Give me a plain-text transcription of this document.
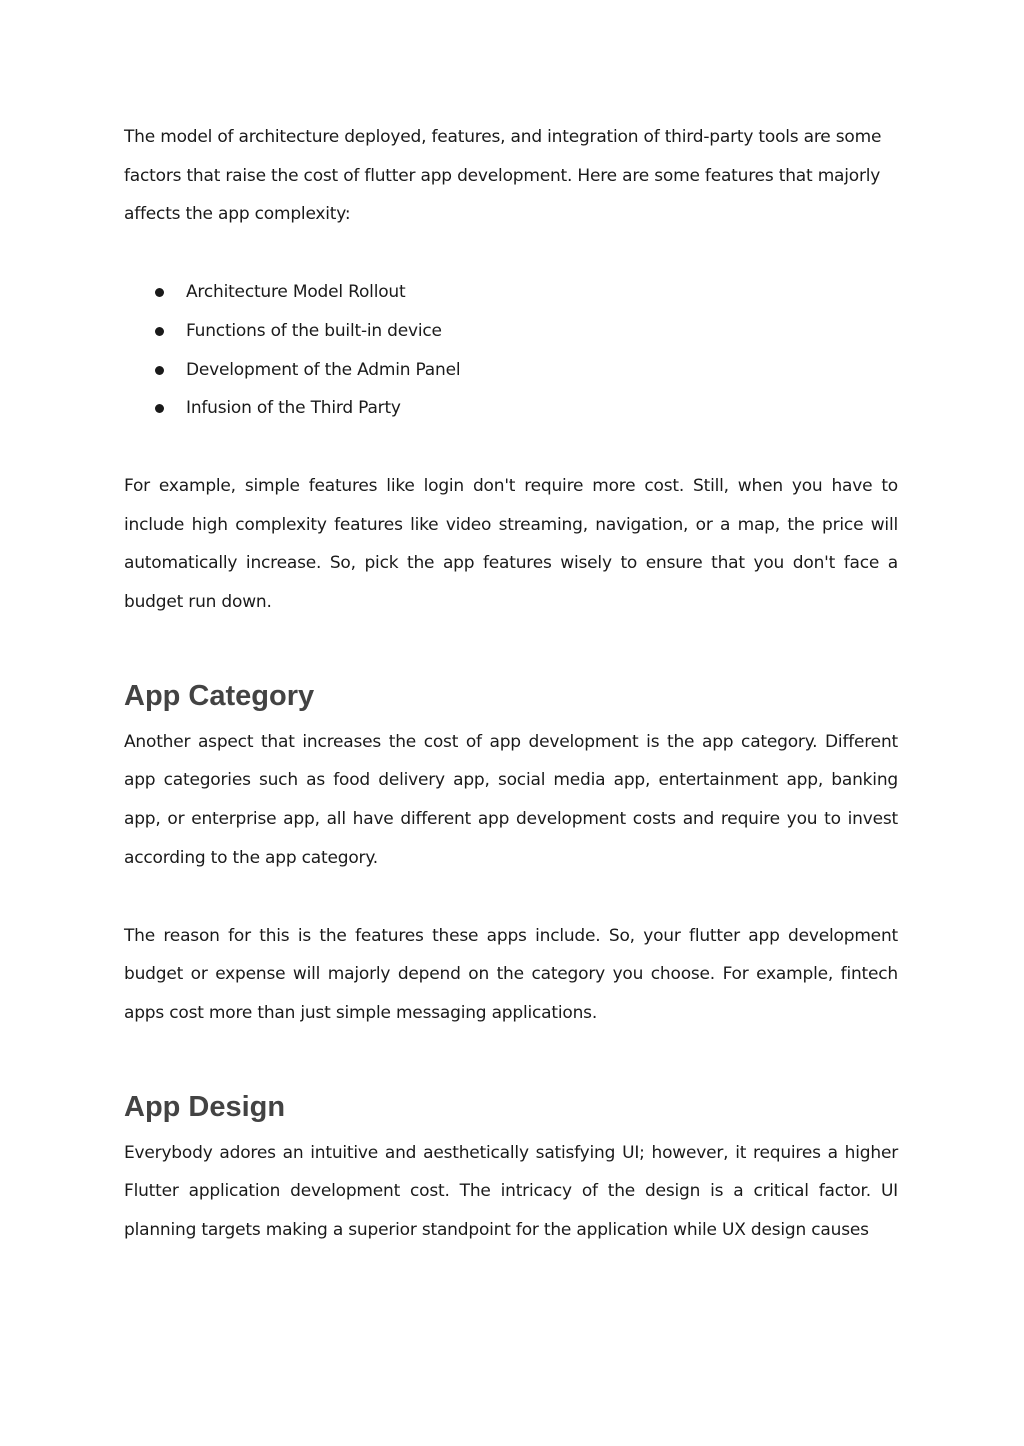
The model of architecture deployed, features, and integration of third-party tools are some factors that raise the cost of flutter app development. Here are some features that majorly affects the app complexity:

Architecture Model Rollout
Functions of the built-in device
Development of the Admin Panel
Infusion of the Third Party

For example, simple features like login don't require more cost. Still, when you have to include high complexity features like video streaming, navigation, or a map, the price will automatically increase. So, pick the app features wisely to ensure that you don't face a budget run down.

App Category

Another aspect that increases the cost of app development is the app category. Different app categories such as food delivery app, social media app, entertainment app, banking app, or enterprise app, all have different app development costs and require you to invest according to the app category.

The reason for this is the features these apps include. So, your flutter app development budget or expense will majorly depend on the category you choose. For example, fintech apps cost more than just simple messaging applications.

App Design

Everybody adores an intuitive and aesthetically satisfying UI; however, it requires a higher Flutter application development cost. The intricacy of the design is a critical factor. UI planning targets making a superior standpoint for the application while UX design causes
